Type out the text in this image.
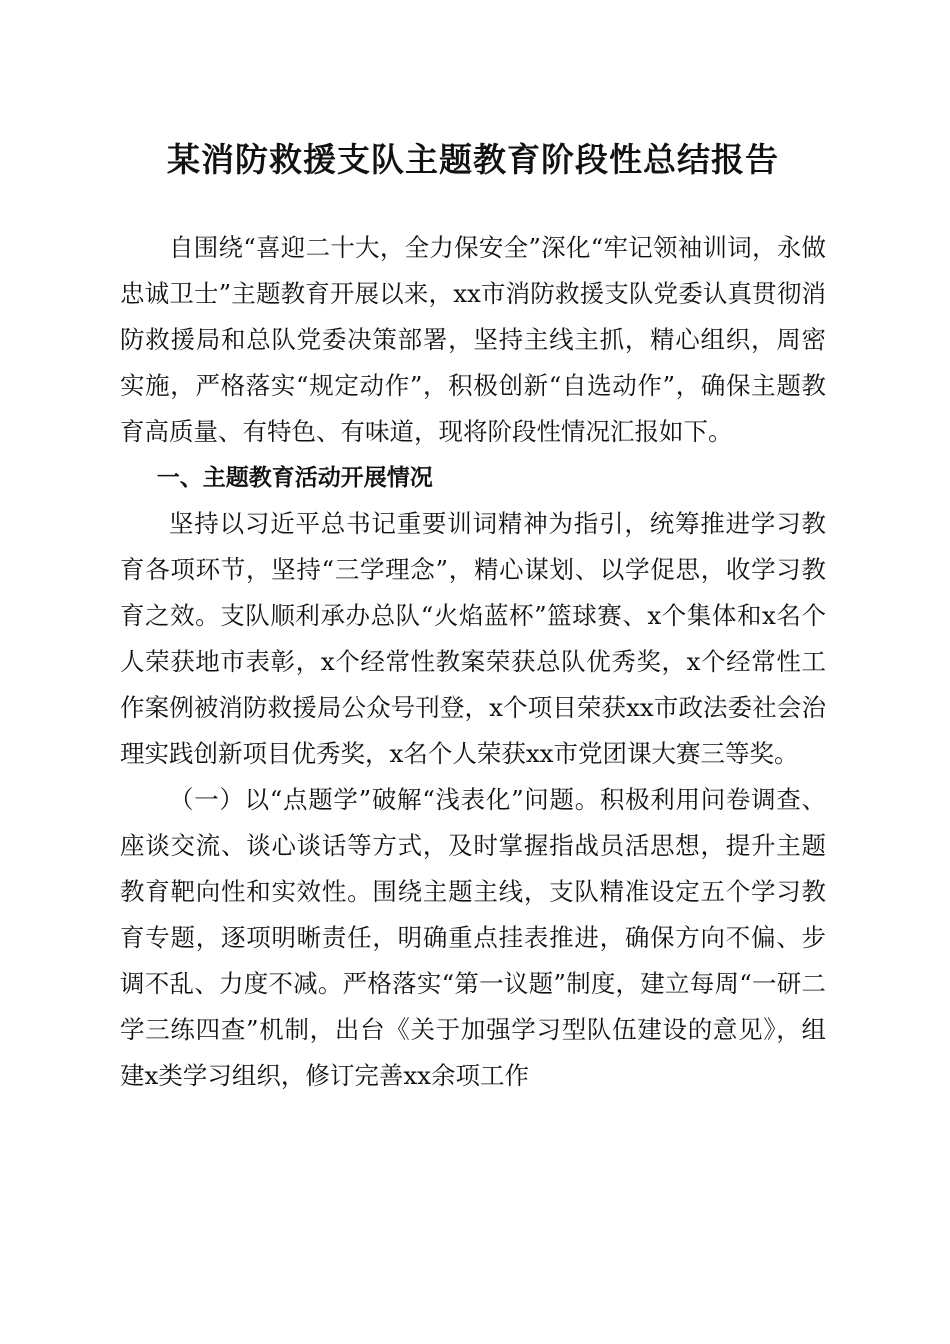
某消防救援支队主题教育阶段性总结报告

自围绕“喜迎二十大，全力保安全”深化“牢记领袖训词，永做忠诚卫士”主题教育开展以来，xx市消防救援支队党委认真贯彻消防救援局和总队党委决策部署，坚持主线主抓，精心组织，周密实施，严格落实“规定动作”，积极创新“自选动作”，确保主题教育高质量、有特色、有味道，现将阶段性情况汇报如下。

一、主题教育活动开展情况

坚持以习近平总书记重要训词精神为指引，统筹推进学习教育各项环节，坚持“三学理念”，精心谋划、以学促思，收学习教育之效。支队顺利承办总队“火焰蓝杯”篮球赛、x个集体和x名个人荣获地市表彰，x个经常性教案荣获总队优秀奖，x个经常性工作案例被消防救援局公众号刊登，x个项目荣获xx市政法委社会治理实践创新项目优秀奖，x名个人荣获xx市党团课大赛三等奖。

（一）以“点题学”破解“浅表化”问题。积极利用问卷调查、座谈交流、谈心谈话等方式，及时掌握指战员活思想，提升主题教育靶向性和实效性。围绕主题主线，支队精准设定五个学习教育专题，逐项明晰责任，明确重点挂表推进，确保方向不偏、步调不乱、力度不减。严格落实“第一议题”制度，建立每周“一研二学三练四查”机制，出台《关于加强学习型队伍建设的意见》，组建x类学习组织，修订完善xx余项工作
